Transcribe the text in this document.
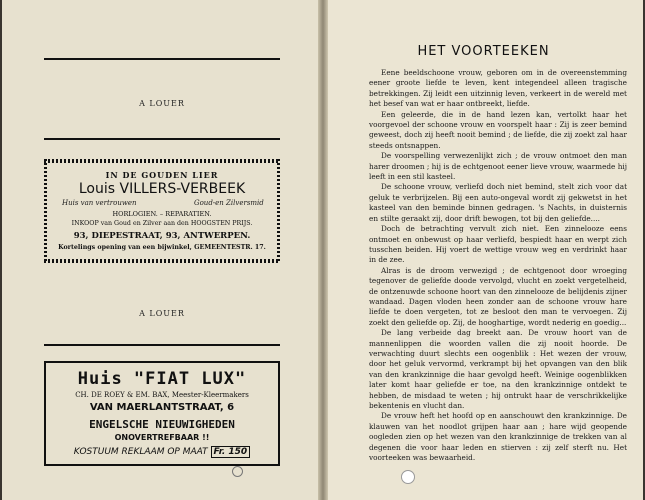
A LOUER
IN DE GOUDEN LIER
Louis VILLERS-VERBEEK
Huis van vertrouwen	Goud-en Zilversmid
HORLOGIEN. – REPARATIEN.
INKOOP van Goud en Zilver aan den HOOGSTEN PRIJS.
93, DIEPESTRAAT, 93, ANTWERPEN.
Kortelings opening van een bijwinkel, GEMEENTESTR. 17.
A LOUER
Huis "FIAT LUX"
CH. DE ROEY & EM. BAX, Meester-Kleermakers
VAN MAERLANTSTRAAT, 6
ENGELSCHE NIEUWIGHEDEN
ONOVERTREFBAAR !!
KOSTUUM REKLAAM OP MAAT Fr. 150
HET VOORTEEKEN

Eene beeldschoone vrouw, geboren om in de overeenstemming eener groote liefde te leven, kent integendeel alleen tragische betrekkingen. Zij leidt een uitzinnig leven, verkeert in de wereld met het besef van wat er haar ontbreekt, liefde.

Een geleerde, die in de hand lezen kan, vertolkt haar het voorgevoel der schoone vrouw en voorspelt haar : Zij is zeer bemind geweest, doch zij heeft nooit bemind ; de liefde, die zij zoekt zal haar steeds ontsnappen.

De voorspelling verwezenlijkt zich ; de vrouw ontmoet den man harer droomen ; hij is de echtgenoot eener lieve vrouw, waarmede hij leeft in een stil kasteel.

De schoone vrouw, verliefd doch niet bemind, stelt zich voor dat geluk te verbrijzelen. Bij een auto-ongeval wordt zij gekwetst in het kasteel van den beminde binnen gedragen. 's Nachts, in duisternis en stilte geraakt zij, door drift bewogen, tot bij den geliefde....

Doch de betrachting vervult zich niet. Een zinnelooze eens ontmoet en onbewust op haar verliefd, bespiedt haar en werpt zich tusschen beiden. Hij voert de wettige vrouw weg en verdrinkt haar in de zee.

Alras is de droom verwezigd ; de echtgenoot door wroeging tegenover de geliefde doode vervolgd, vlucht en zoekt vergetelheid, de ontzenuwde schoone hoort van den zinnelooze de belijdenis zijner wandaad. Dagen vloden heen zonder aan de schoone vrouw hare liefde te doen vergeten, tot ze besloot den man te vervoegen. Zij zoekt den geliefde op. Zij, de hooghartige, wordt nederig en goedig...

De lang verbeide dag breekt aan. De vrouw hoort van de mannenlippen die woorden vallen die zij nooit hoorde. De verwachting duurt slechts een oogenblik : Het wezen der vrouw, door het geluk vervormd, verkrampt bij het opvangen van den blik van den krankzinnige die haar gevolgd heeft. Weinige oogenblikken later komt haar geliefde er toe, na den krankzinnige ontdekt te hebben, de misdaad te weten ; hij ontrukt haar de verschrikkelijke bekentenis en vlucht dan.

De vrouw heft het hoofd op en aanschouwt den krankzinnige. De klauwen van het noodlot grijpen haar aan ; hare wijd geopende oogleden zien op het wezen van den krankzinnige de trekken van al degenen die voor haar leden en stierven : zij zelf sterft nu. Het voorteeken was bewaarheid.
